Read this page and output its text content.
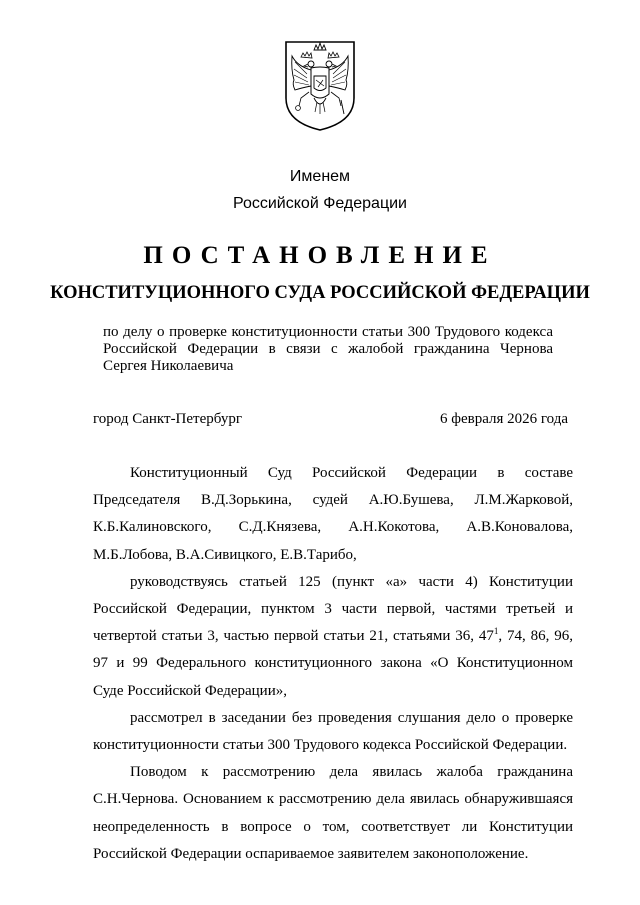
Именем
Российской Федерации
ПОСТАНОВЛЕНИЕ
КОНСТИТУЦИОННОГО СУДА РОССИЙСКОЙ ФЕДЕРАЦИИ
по делу о проверке конституционности статьи 300 Трудового кодекса Российской Федерации в связи с жалобой гражданина Чернова Сергея Николаевича
город Санкт-Петербург	6 февраля 2026 года

Конституционный Суд Российской Федерации в составе Председателя В.Д.Зорькина, судей А.Ю.Бушева, Л.М.Жарковой, К.Б.Калиновского, С.Д.Князева, А.Н.Кокотова, А.В.Коновалова, М.Б.Лобова, В.А.Сивицкого, Е.В.Тарибо,

руководствуясь статьей 125 (пункт «а» части 4) Конституции Российской Федерации, пунктом 3 части первой, частями третьей и четвертой статьи 3, частью первой статьи 21, статьями 36, $47^1$, 74, 86, 96, 97 и 99 Федерального конституционного закона «О Конституционном Суде Российской Федерации»,

рассмотрел в заседании без проведения слушания дело о проверке конституционности статьи 300 Трудового кодекса Российской Федерации.

Поводом к рассмотрению дела явилась жалоба гражданина С.Н.Чернова. Основанием к рассмотрению дела явилась обнаружившаяся неопределенность в вопросе о том, соответствует ли Конституции Российской Федерации оспариваемое заявителем законоположение.
